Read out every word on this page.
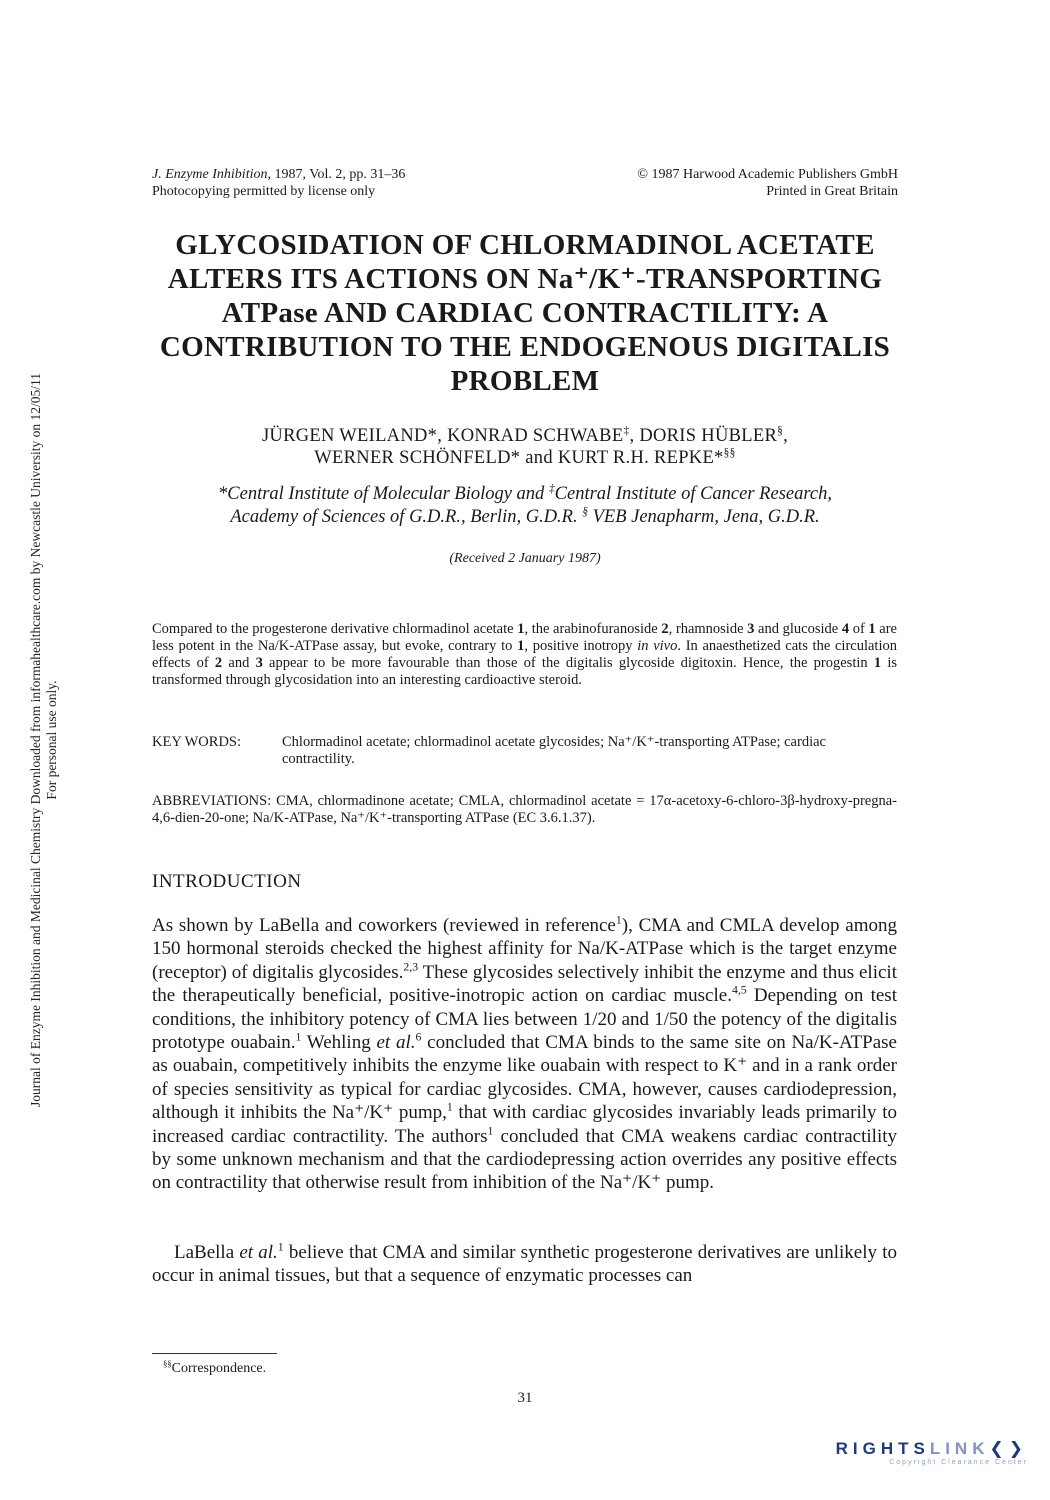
J. Enzyme Inhibition, 1987, Vol. 2, pp. 31–36
Photocopying permitted by license only
© 1987 Harwood Academic Publishers GmbH
Printed in Great Britain
GLYCOSIDATION OF CHLORMADINOL ACETATE ALTERS ITS ACTIONS ON Na⁺/K⁺-TRANSPORTING ATPase AND CARDIAC CONTRACTILITY: A CONTRIBUTION TO THE ENDOGENOUS DIGITALIS PROBLEM
JÜRGEN WEILAND*, KONRAD SCHWABE‡, DORIS HÜBLER§,
WERNER SCHÖNFELD* and KURT R.H. REPKE*§§
*Central Institute of Molecular Biology and ‡Central Institute of Cancer Research,
Academy of Sciences of G.D.R., Berlin, G.D.R. § VEB Jenapharm, Jena, G.D.R.
(Received 2 January 1987)
Compared to the progesterone derivative chlormadinol acetate 1, the arabinofuranoside 2, rhamnoside 3 and glucoside 4 of 1 are less potent in the Na/K-ATPase assay, but evoke, contrary to 1, positive inotropy in vivo. In anaesthetized cats the circulation effects of 2 and 3 appear to be more favourable than those of the digitalis glycoside digitoxin. Hence, the progestin 1 is transformed through glycosidation into an interesting cardioactive steroid.
KEY WORDS:	Chlormadinol acetate; chlormadinol acetate glycosides; Na⁺/K⁺-transporting ATPase; cardiac contractility.
ABBREVIATIONS: CMA, chlormadinone acetate; CMLA, chlormadinol acetate = 17α-acetoxy-6-chloro-3β-hydroxy-pregna-4,6-dien-20-one; Na/K-ATPase, Na⁺/K⁺-transporting ATPase (EC 3.6.1.37).
INTRODUCTION
As shown by LaBella and coworkers (reviewed in reference$^1$), CMA and CMLA develop among 150 hormonal steroids checked the highest affinity for Na/K-ATPase which is the target enzyme (receptor) of digitalis glycosides.$^{2,3}$ These glycosides selectively inhibit the enzyme and thus elicit the therapeutically beneficial, positive-inotropic action on cardiac muscle.$^{4,5}$ Depending on test conditions, the inhibitory potency of CMA lies between 1/20 and 1/50 the potency of the digitalis prototype ouabain.$^1$ Wehling et al.$^6$ concluded that CMA binds to the same site on Na/K-ATPase as ouabain, competitively inhibits the enzyme like ouabain with respect to K⁺ and in a rank order of species sensitivity as typical for cardiac glycosides. CMA, however, causes cardiodepression, although it inhibits the Na⁺/K⁺ pump,$^1$ that with cardiac glycosides invariably leads primarily to increased cardiac contractility. The authors$^1$ concluded that CMA weakens cardiac contractility by some unknown mechanism and that the cardiodepressing action overrides any positive effects on contractility that otherwise result from inhibition of the Na⁺/K⁺ pump.
LaBella et al.$^1$ believe that CMA and similar synthetic progesterone derivatives are unlikely to occur in animal tissues, but that a sequence of enzymatic processes can
§§Correspondence.
31
Journal of Enzyme Inhibition and Medicinal Chemistry Downloaded from informahealthcare.com by Newcastle University on 12/05/11 For personal use only.
RIGHTSLINK❮❯
Copyright Clearance Center
